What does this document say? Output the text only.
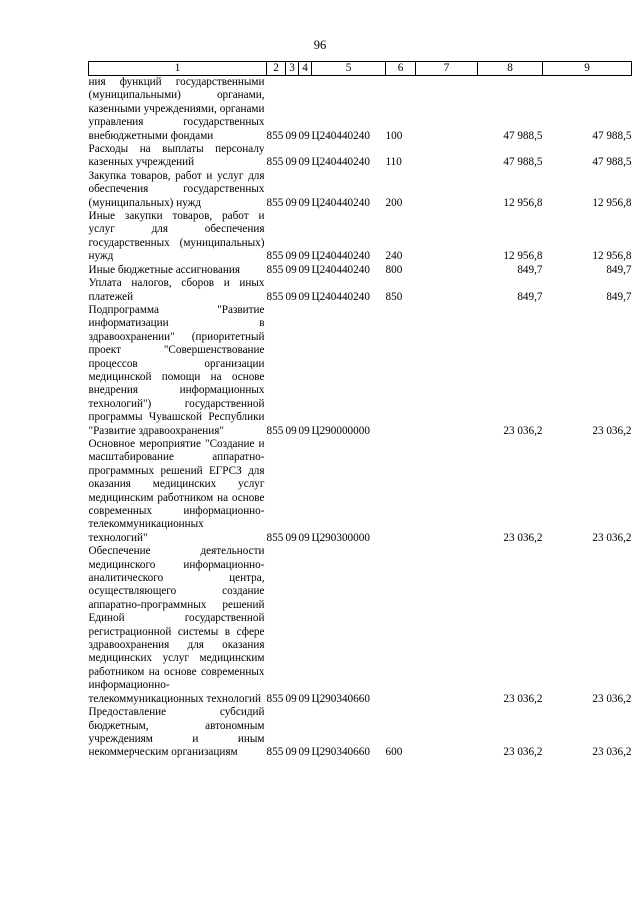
96
1	2	3	4	5	6	7	8	9
ния функций государственными (муниципальными) органами, казенными учреждениями, органами управления государственных внебюджетными фондами	855	09	09	Ц240440240	100		47 988,5	47 988,5
Расходы на выплаты персоналу казенных учреждений	855	09	09	Ц240440240	110		47 988,5	47 988,5
Закупка товаров, работ и услуг для обеспечения государственных (муниципальных) нужд	855	09	09	Ц240440240	200		12 956,8	12 956,8
Иные закупки товаров, работ и услуг для обеспечения государственных (муниципальных) нужд	855	09	09	Ц240440240	240		12 956,8	12 956,8
Иные бюджетные ассигнования	855	09	09	Ц240440240	800		849,7	849,7
Уплата налогов, сборов и иных платежей	855	09	09	Ц240440240	850		849,7	849,7
Подпрограмма "Развитие информатизации в здравоохранении" (приоритетный проект "Совершенствование процессов организации медицинской помощи на основе внедрения информационных технологий") государственной программы Чувашской Республики "Развитие здравоохранения"	855	09	09	Ц290000000			23 036,2	23 036,2
Основное мероприятие "Создание и масштабирование аппаратно-программных решений ЕГРСЗ для оказания медицинских услуг медицинским работником на основе современных информационно-телекоммуникационных технологий"	855	09	09	Ц290300000			23 036,2	23 036,2
Обеспечение деятельности медицинского информационно-аналитического центра, осуществляющего создание аппаратно-программных решений Единой государственной регистрационной системы в сфере здравоохранения для оказания медицинских услуг медицинским работником на основе современных информационно-телекоммуникационных технологий	855	09	09	Ц290340660			23 036,2	23 036,2
Предоставление субсидий бюджетным, автономным учреждениям и иным некоммерческим организациям	855	09	09	Ц290340660	600		23 036,2	23 036,2
